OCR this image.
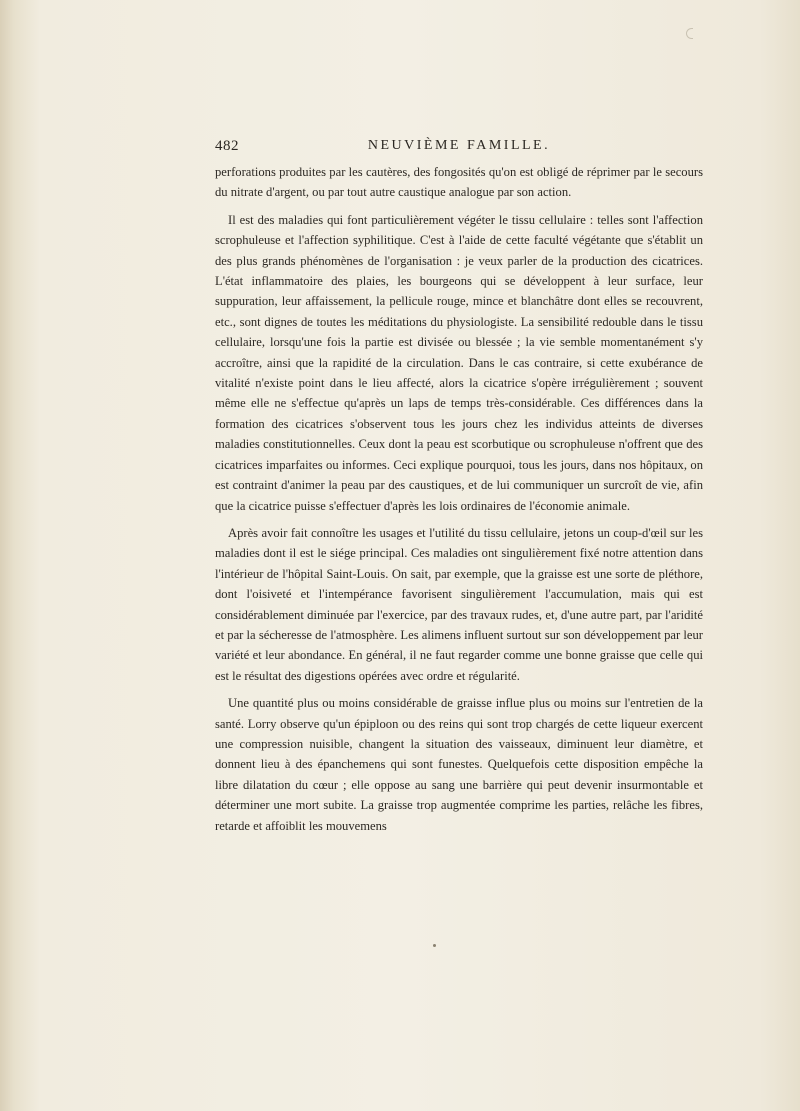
482	NEUVIÈME FAMILLE.

perforations produites par les cautères, des fongosités qu'on est obligé de réprimer par le secours du nitrate d'argent, ou par tout autre caustique analogue par son action.

Il est des maladies qui font particulièrement végéter le tissu cellulaire : telles sont l'affection scrophuleuse et l'affection syphilitique. C'est à l'aide de cette faculté végétante que s'établit un des plus grands phénomènes de l'organisation : je veux parler de la production des cicatrices. L'état inflammatoire des plaies, les bourgeons qui se développent à leur surface, leur suppuration, leur affaissement, la pellicule rouge, mince et blanchâtre dont elles se recouvrent, etc., sont dignes de toutes les méditations du physiologiste. La sensibilité redouble dans le tissu cellulaire, lorsqu'une fois la partie est divisée ou blessée ; la vie semble momentanément s'y accroître, ainsi que la rapidité de la circulation. Dans le cas contraire, si cette exubérance de vitalité n'existe point dans le lieu affecté, alors la cicatrice s'opère irrégulièrement ; souvent même elle ne s'effectue qu'après un laps de temps très-considérable. Ces différences dans la formation des cicatrices s'observent tous les jours chez les individus atteints de diverses maladies constitutionnelles. Ceux dont la peau est scorbutique ou scrophuleuse n'offrent que des cicatrices imparfaites ou informes. Ceci explique pourquoi, tous les jours, dans nos hôpitaux, on est contraint d'animer la peau par des caustiques, et de lui communiquer un surcroît de vie, afin que la cicatrice puisse s'effectuer d'après les lois ordinaires de l'économie animale.

Après avoir fait connoître les usages et l'utilité du tissu cellulaire, jetons un coup-d'œil sur les maladies dont il est le siége principal. Ces maladies ont singulièrement fixé notre attention dans l'intérieur de l'hôpital Saint-Louis. On sait, par exemple, que la graisse est une sorte de pléthore, dont l'oisiveté et l'intempérance favorisent singulièrement l'accumulation, mais qui est considérablement diminuée par l'exercice, par des travaux rudes, et, d'une autre part, par l'aridité et par la sécheresse de l'atmosphère. Les alimens influent surtout sur son développement par leur variété et leur abondance. En général, il ne faut regarder comme une bonne graisse que celle qui est le résultat des digestions opérées avec ordre et régularité.

Une quantité plus ou moins considérable de graisse influe plus ou moins sur l'entretien de la santé. Lorry observe qu'un épiploon ou des reins qui sont trop chargés de cette liqueur exercent une compression nuisible, changent la situation des vaisseaux, diminuent leur diamètre, et donnent lieu à des épanchemens qui sont funestes. Quelquefois cette disposition empêche la libre dilatation du cœur ; elle oppose au sang une barrière qui peut devenir insurmontable et déterminer une mort subite. La graisse trop augmentée comprime les parties, relâche les fibres, retarde et affoiblit les mouvemens
